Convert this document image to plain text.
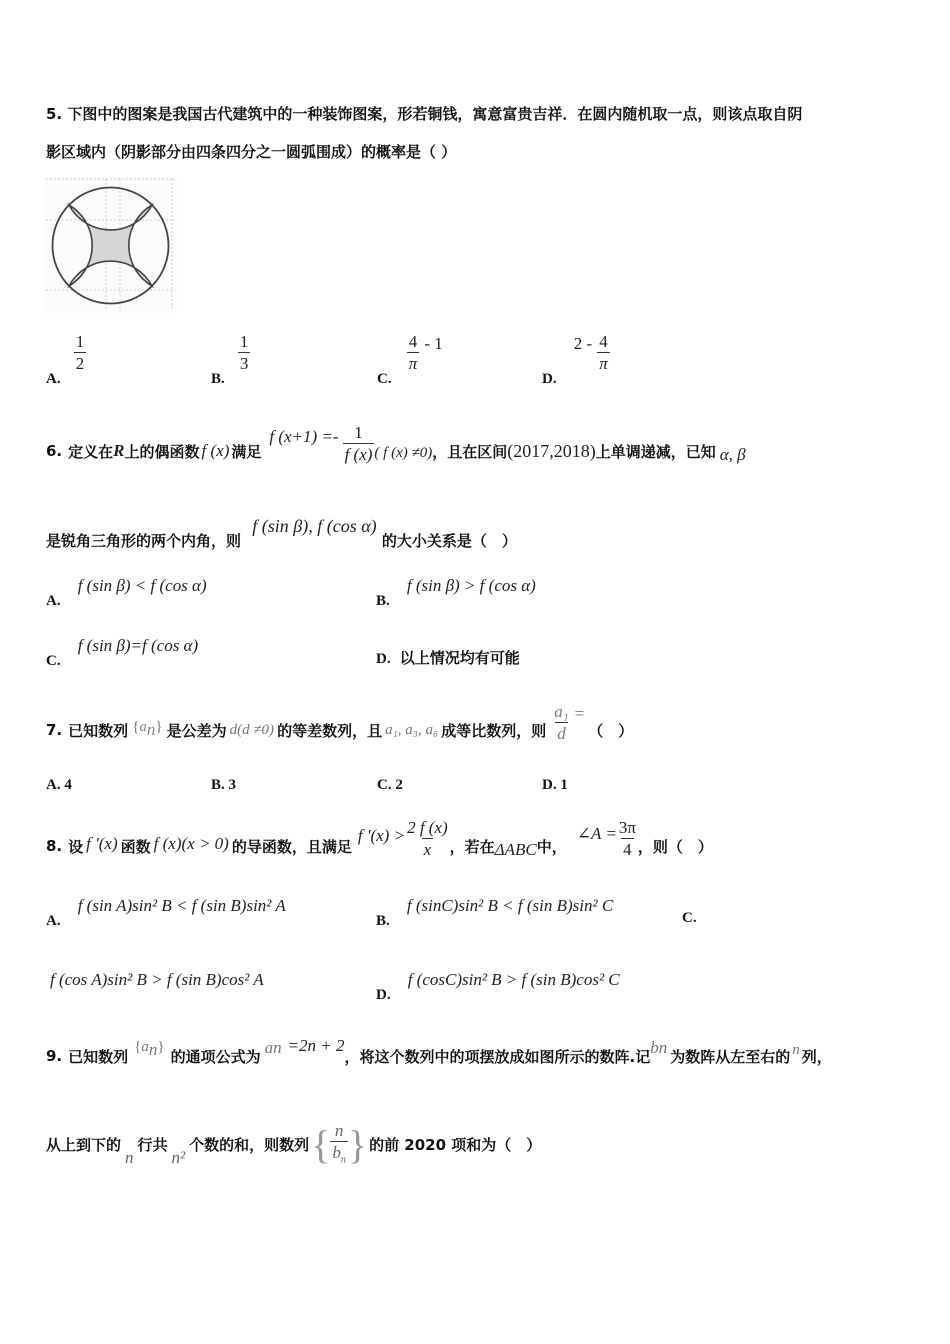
5. 下图中的图案是我国古代建筑中的一种装饰图案，形若铜钱，寓意富贵吉祥．在圆内随机取一点，则该点取自阴
影区域内（阴影部分由四条四分之一圆弧围成）的概率是（ ）
A.
$\frac{1}{2}$
B.
$\frac{1}{3}$
C.
$\frac{4}{\pi} - 1$
D. $2 - \frac{4}{\pi}$
6. 定义在 R 上的偶函数 f (x) 满足
f $(x+1) =- \frac{1}{f (x)}$ ( f (x) ≠0) ，且在区间 (2017,2018) 上单调递减，已知 α, β
是锐角三角形的两个内角，则 f (sin β), f (cos α) 的大小关系是（　）
A. f (sin β) < f (cos α)
B. f (sin β) > f (cos α)
C. f (sin β)=f (cos α)
D. 以上情况均有可能
7. 已知数列 $\{a_n\}$ 是公差为 d(d ≠0) 的等差数列，且 a₁, a₃, a₆ 成等比数列，则 $\frac{\text{a₁}}{d}$ =
（　）
A. 4	B. 3	C. 2	D. 1
8. 设 f '(x) 函数 f (x)(x > 0) 的导函数，且满足
f '$(x) > \frac{2 f (x)}{x}$ ，若在 ΔABC 中，
∠A = $\frac{3\pi}{4}$ ，则（　）
A. f (sin A)sin² B < f (sin B)sin² A
B. f (sinC)sin² B < f (sin B)sin² C
C.
f (cos A)sin² B > f (sin B)cos² A
D. f (cosC)sin² B > f (sin B)cos² C
9. 已知数列
$\{a_n\}$
的通项公式为 $a_n =2n + 2$
，将这个数列中的项摆放成如图所示的数阵.记 $b_n$ 为数阵从左至右的 n 列，
从上到下的
n
行共
n²
个数的和，则数列 { $\frac{n}{b_n}$ } 的前 2020 项和为（　）
